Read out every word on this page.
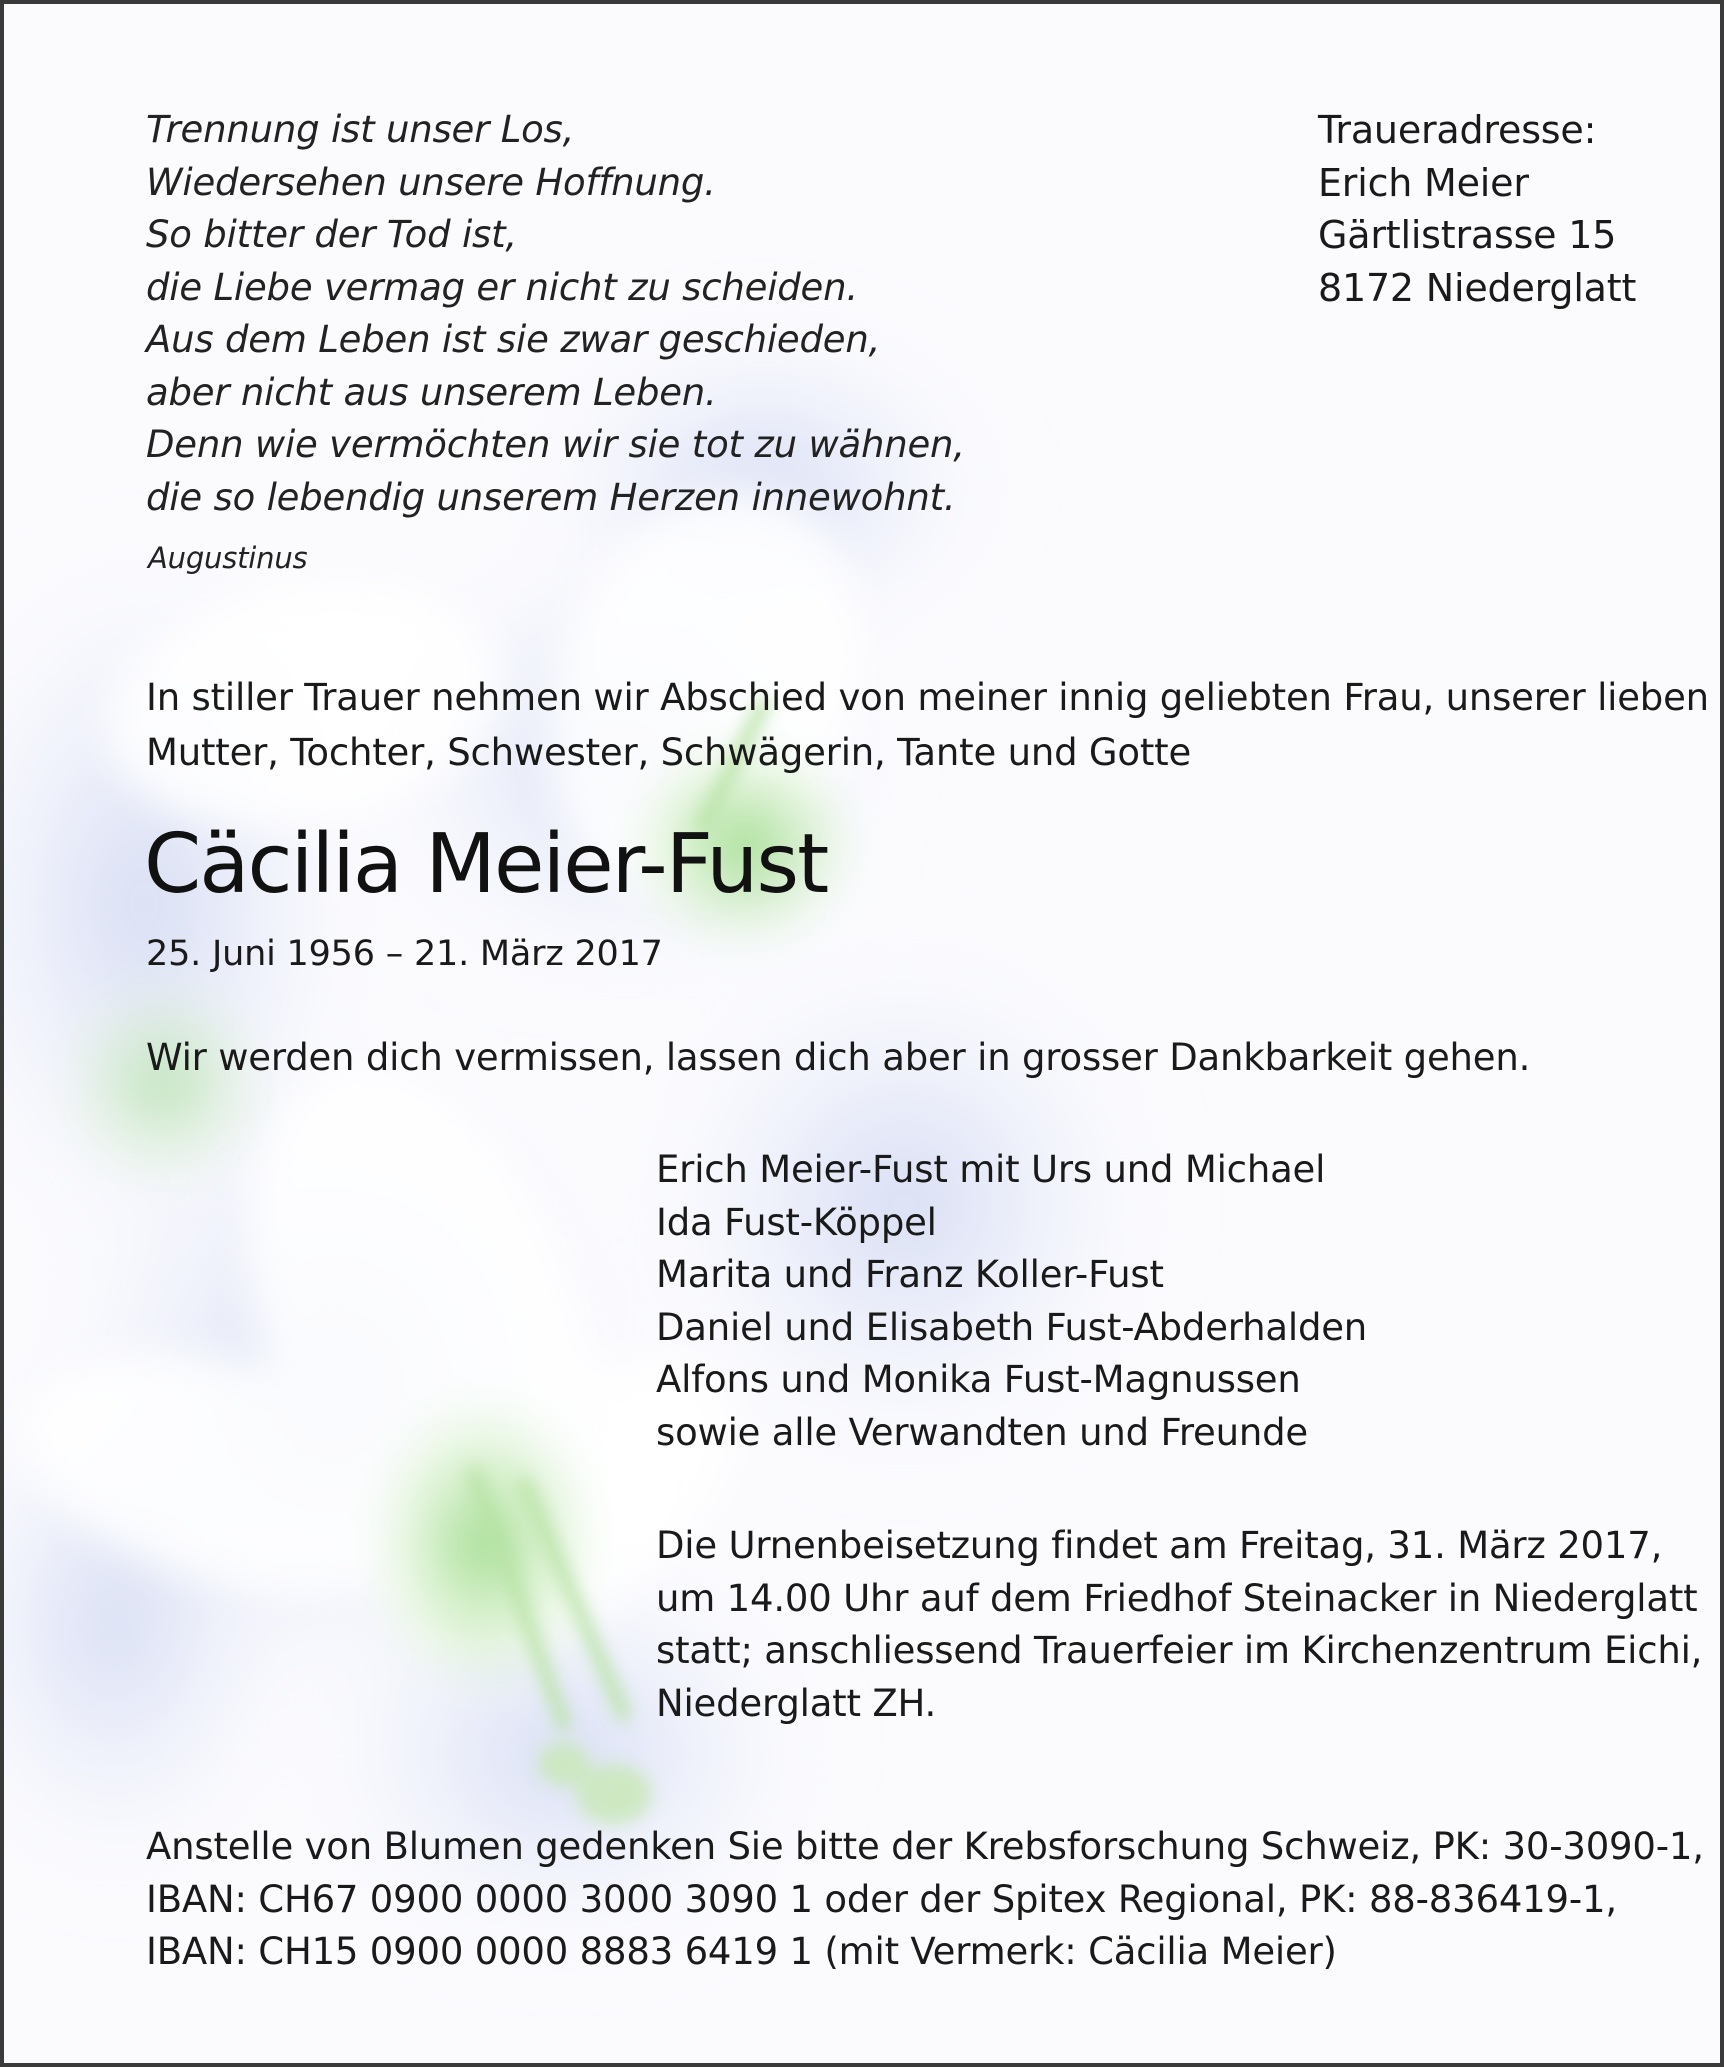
Trennung ist unser Los,
Wiedersehen unsere Hoffnung.
So bitter der Tod ist,
die Liebe vermag er nicht zu scheiden.
Aus dem Leben ist sie zwar geschieden,
aber nicht aus unserem Leben.
Denn wie vermöchten wir sie tot zu wähnen,
die so lebendig unserem Herzen innewohnt.
Augustinus
Traueradresse:
Erich Meier
Gärtlistrasse 15
8172 Niederglatt
In stiller Trauer nehmen wir Abschied von meiner innig geliebten Frau, unserer lieben
Mutter, Tochter, Schwester, Schwägerin, Tante und Gotte
Cäcilia Meier-Fust
25. Juni 1956 – 21. März 2017
Wir werden dich vermissen, lassen dich aber in grosser Dankbarkeit gehen.
Erich Meier-Fust mit Urs und Michael
Ida Fust-Köppel
Marita und Franz Koller-Fust
Daniel und Elisabeth Fust-Abderhalden
Alfons und Monika Fust-Magnussen
sowie alle Verwandten und Freunde
Die Urnenbeisetzung findet am Freitag, 31. März 2017,
um 14.00 Uhr auf dem Friedhof Steinacker in Niederglatt
statt; anschliessend Trauerfeier im Kirchenzentrum Eichi,
Niederglatt ZH.
Anstelle von Blumen gedenken Sie bitte der Krebsforschung Schweiz, PK: 30-3090-1,
IBAN: CH67 0900 0000 3000 3090 1 oder der Spitex Regional, PK: 88-836419-1,
IBAN: CH15 0900 0000 8883 6419 1 (mit Vermerk: Cäcilia Meier)
